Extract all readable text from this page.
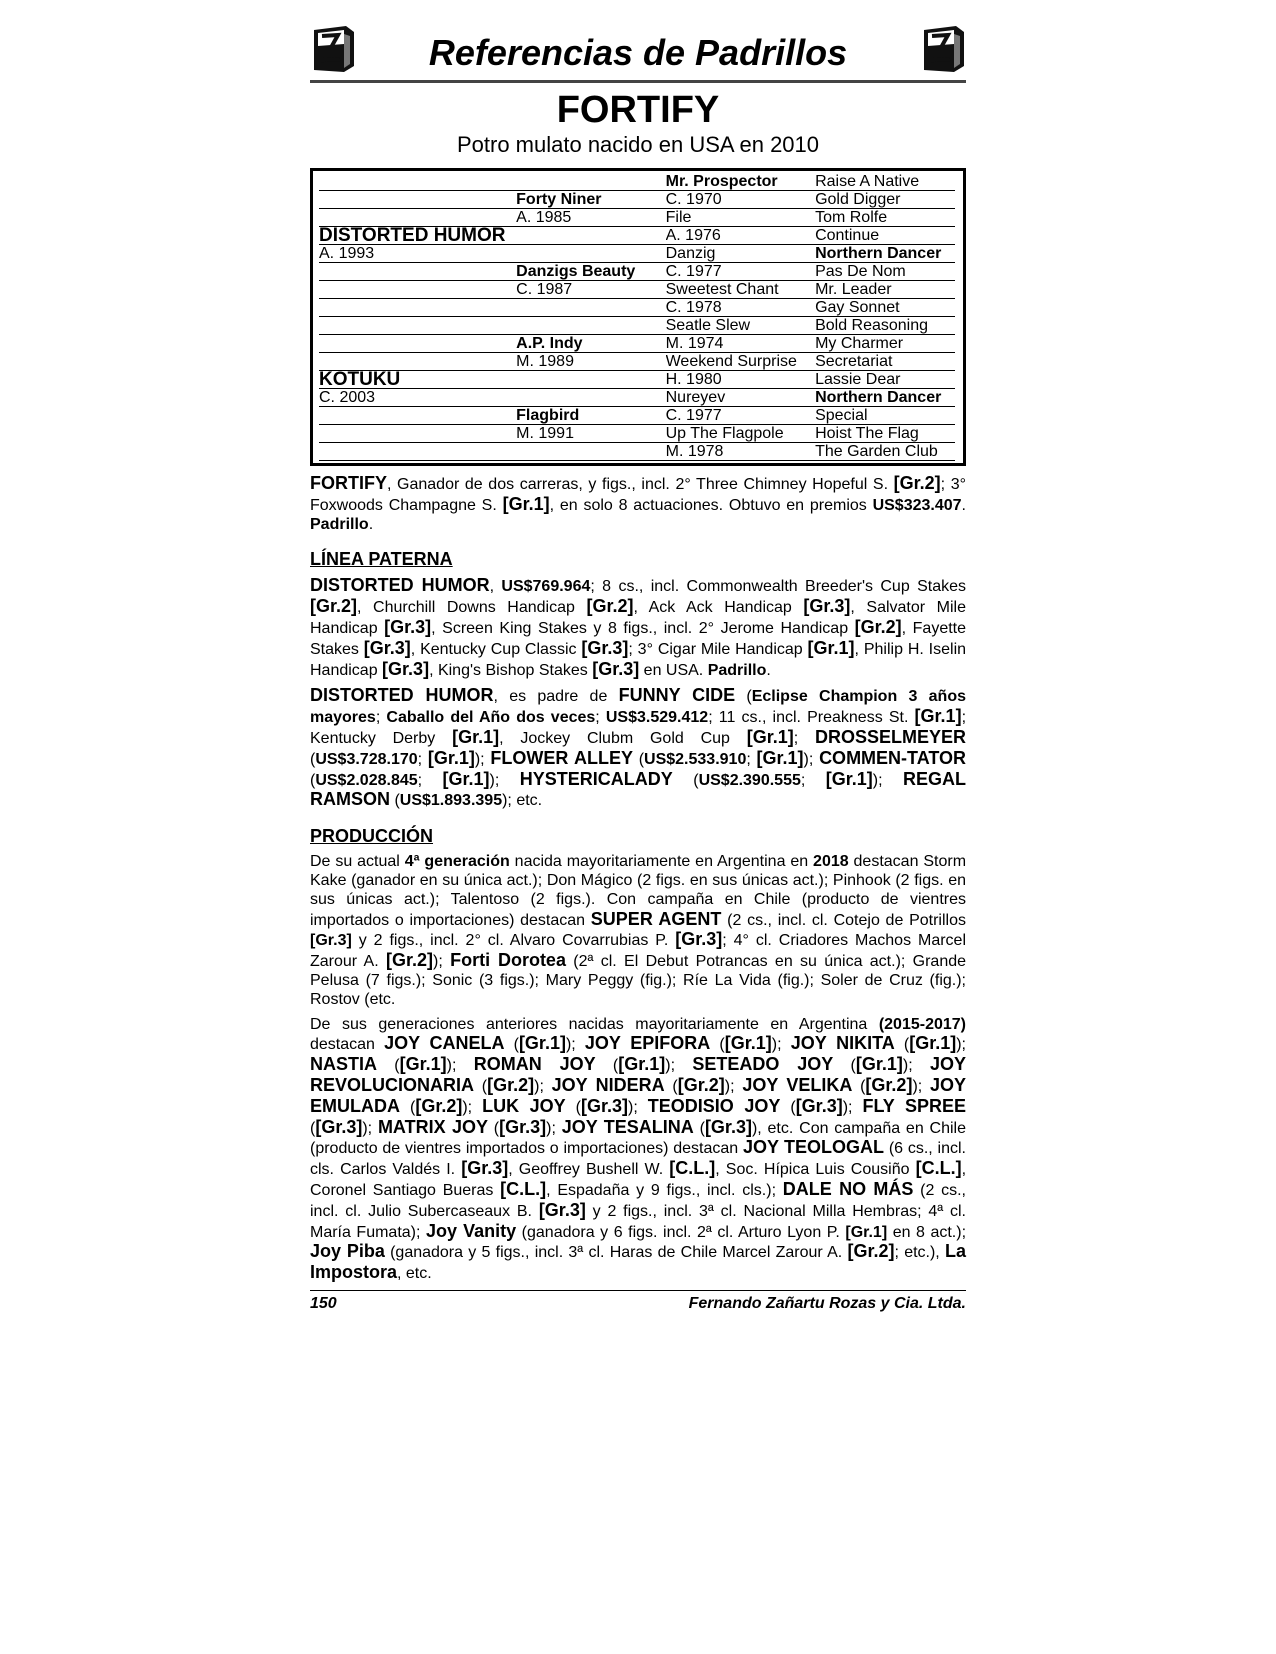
Referencias de Padrillos
FORTIFY
Potro mulato nacido en USA en 2010
		Mr. Prospector	Raise A Native
	Forty Niner	C. 1970	Gold Digger
	A. 1985	File	Tom Rolfe
DISTORTED HUMOR		A. 1976	Continue
A. 1993		Danzig	Northern Dancer
	Danzigs Beauty	C. 1977	Pas De Nom
	C. 1987	Sweetest Chant	Mr. Leader
		C. 1978	Gay Sonnet
		Seatle Slew	Bold Reasoning
	A.P. Indy	M. 1974	My Charmer
	M. 1989	Weekend Surprise	Secretariat
KOTUKU		H. 1980	Lassie Dear
C. 2003		Nureyev	Northern Dancer
	Flagbird	C. 1977	Special
	M. 1991	Up The Flagpole	Hoist The Flag
		M. 1978	The Garden Club

FORTIFY, Ganador de dos carreras, y figs., incl. 2° Three Chimney Hopeful S. [Gr.2]; 3° Foxwoods Champagne S. [Gr.1], en solo 8 actuaciones. Obtuvo en premios US$323.407. Padrillo.

LÍNEA PATERNA

DISTORTED HUMOR, US$769.964; 8 cs., incl. Commonwealth Breeder's Cup Stakes [Gr.2], Churchill Downs Handicap [Gr.2], Ack Ack Handicap [Gr.3], Salvator Mile Handicap [Gr.3], Screen King Stakes y 8 figs., incl. 2° Jerome Handicap [Gr.2], Fayette Stakes [Gr.3], Kentucky Cup Classic [Gr.3]; 3° Cigar Mile Handicap [Gr.1], Philip H. Iselin Handicap [Gr.3], King's Bishop Stakes [Gr.3] en USA. Padrillo.

DISTORTED HUMOR, es padre de FUNNY CIDE (Eclipse Champion 3 años mayores; Caballo del Año dos veces; US$3.529.412; 11 cs., incl. Preakness St. [Gr.1]; Kentucky Derby [Gr.1], Jockey Clubm Gold Cup [Gr.1]; DROSSELMEYER (US$3.728.170; [Gr.1]); FLOWER ALLEY (US$2.533.910; [Gr.1]); COMMEN-TATOR (US$2.028.845; [Gr.1]); HYSTERICALADY (US$2.390.555; [Gr.1]); REGAL RAMSON (US$1.893.395); etc.

PRODUCCIÓN

De su actual 4ª generación nacida mayoritariamente en Argentina en 2018 destacan Storm Kake (ganador en su única act.); Don Mágico (2 figs. en sus únicas act.); Pinhook (2 figs. en sus únicas act.); Talentoso (2 figs.). Con campaña en Chile (producto de vientres importados o importaciones) destacan SUPER AGENT (2 cs., incl. cl. Cotejo de Potrillos [Gr.3] y 2 figs., incl. 2° cl. Alvaro Covarrubias P. [Gr.3]; 4° cl. Criadores Machos Marcel Zarour A. [Gr.2]); Forti Dorotea (2ª cl. El Debut Potrancas en su única act.); Grande Pelusa (7 figs.); Sonic (3 figs.); Mary Peggy (fig.); Ríe La Vida (fig.); Soler de Cruz (fig.); Rostov (etc.

De sus generaciones anteriores nacidas mayoritariamente en Argentina (2015-2017) destacan JOY CANELA ([Gr.1]); JOY EPIFORA ([Gr.1]); JOY NIKITA ([Gr.1]); NASTIA ([Gr.1]); ROMAN JOY ([Gr.1]); SETEADO JOY ([Gr.1]); JOY REVOLUCIONARIA ([Gr.2]); JOY NIDERA ([Gr.2]); JOY VELIKA ([Gr.2]); JOY EMULADA ([Gr.2]); LUK JOY ([Gr.3]); TEODISIO JOY ([Gr.3]); FLY SPREE ([Gr.3]); MATRIX JOY ([Gr.3]); JOY TESALINA ([Gr.3]), etc. Con campaña en Chile (producto de vientres importados o importaciones) destacan JOY TEOLOGAL (6 cs., incl. cls. Carlos Valdés I. [Gr.3], Geoffrey Bushell W. [C.L.], Soc. Hípica Luis Cousiño [C.L.], Coronel Santiago Bueras [C.L.], Espadaña y 9 figs., incl. cls.); DALE NO MÁS (2 cs., incl. cl. Julio Subercaseaux B. [Gr.3] y 2 figs., incl. 3ª cl. Nacional Milla Hembras; 4ª cl. María Fumata); Joy Vanity (ganadora y 6 figs. incl. 2ª cl. Arturo Lyon P. [Gr.1] en 8 act.); Joy Piba (ganadora y 5 figs., incl. 3ª cl. Haras de Chile Marcel Zarour A. [Gr.2]; etc.), La Impostora, etc.

150	Fernando Zañartu Rozas y Cia. Ltda.
